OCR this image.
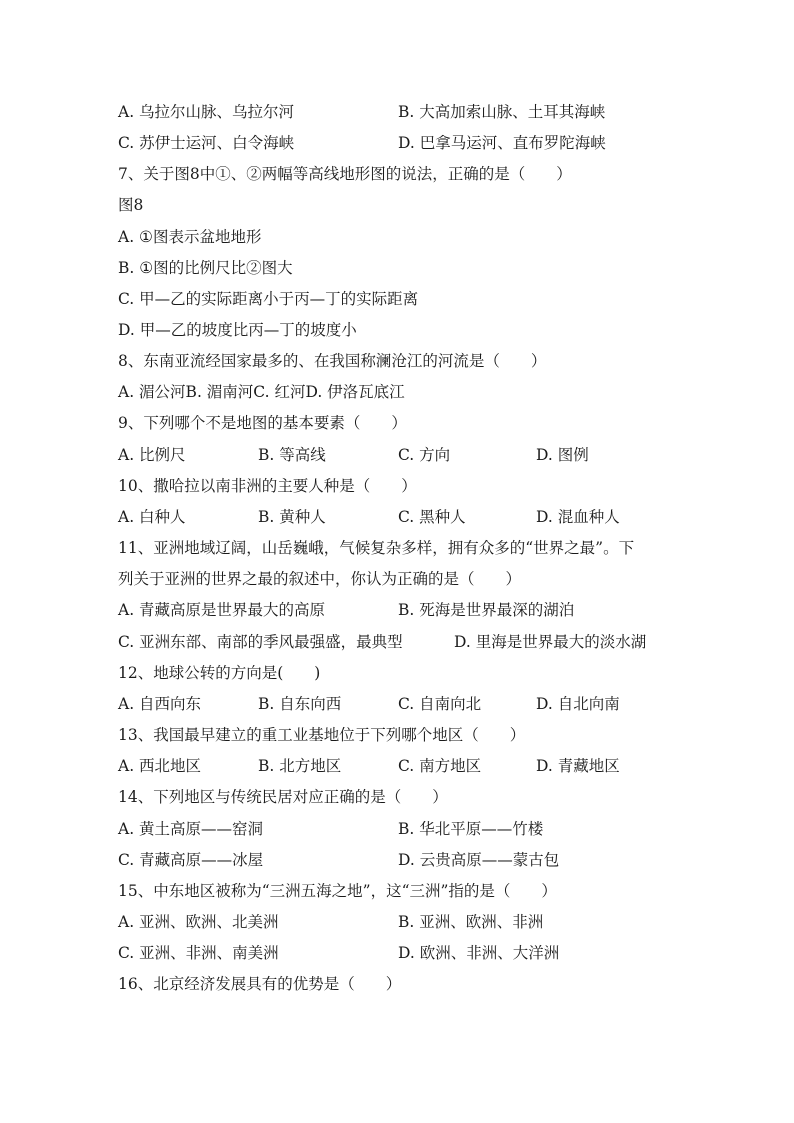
A. 乌拉尔山脉、乌拉尔河	B. 大高加索山脉、土耳其海峡
C. 苏伊士运河、白令海峡	D. 巴拿马运河、直布罗陀海峡
7、关于图8中①、②两幅等高线地形图的说法，正确的是（　　）
图8
A. ①图表示盆地地形
B. ①图的比例尺比②图大
C. 甲—乙的实际距离小于丙—丁的实际距离
D. 甲—乙的坡度比丙—丁的坡度小
8、东南亚流经国家最多的、在我国称澜沧江的河流是（　　）
A. 湄公河B. 湄南河C. 红河D. 伊洛瓦底江
9、下列哪个不是地图的基本要素（　　）
A. 比例尺	B. 等高线	C. 方向	D. 图例
10、撒哈拉以南非洲的主要人种是（　　）
A. 白种人	B. 黄种人	C. 黑种人	D. 混血种人
11、亚洲地域辽阔，山岳巍峨，气候复杂多样，拥有众多的“世界之最”。下
列关于亚洲的世界之最的叙述中，你认为正确的是（　　）
A. 青藏高原是世界最大的高原	B. 死海是世界最深的湖泊
C. 亚洲东部、南部的季风最强盛，最典型	D. 里海是世界最大的淡水湖
12、地球公转的方向是(　　)
A. 自西向东	B. 自东向西	C. 自南向北	D. 自北向南
13、我国最早建立的重工业基地位于下列哪个地区（　　）
A. 西北地区	B. 北方地区	C. 南方地区	D. 青藏地区
14、下列地区与传统民居对应正确的是（　　）
A. 黄土高原——窑洞	B. 华北平原——竹楼
C. 青藏高原——冰屋	D. 云贵高原——蒙古包
15、中东地区被称为“三洲五海之地”，这“三洲”指的是（　　）
A. 亚洲、欧洲、北美洲	B. 亚洲、欧洲、非洲
C. 亚洲、非洲、南美洲	D. 欧洲、非洲、大洋洲
16、北京经济发展具有的优势是（　　）
